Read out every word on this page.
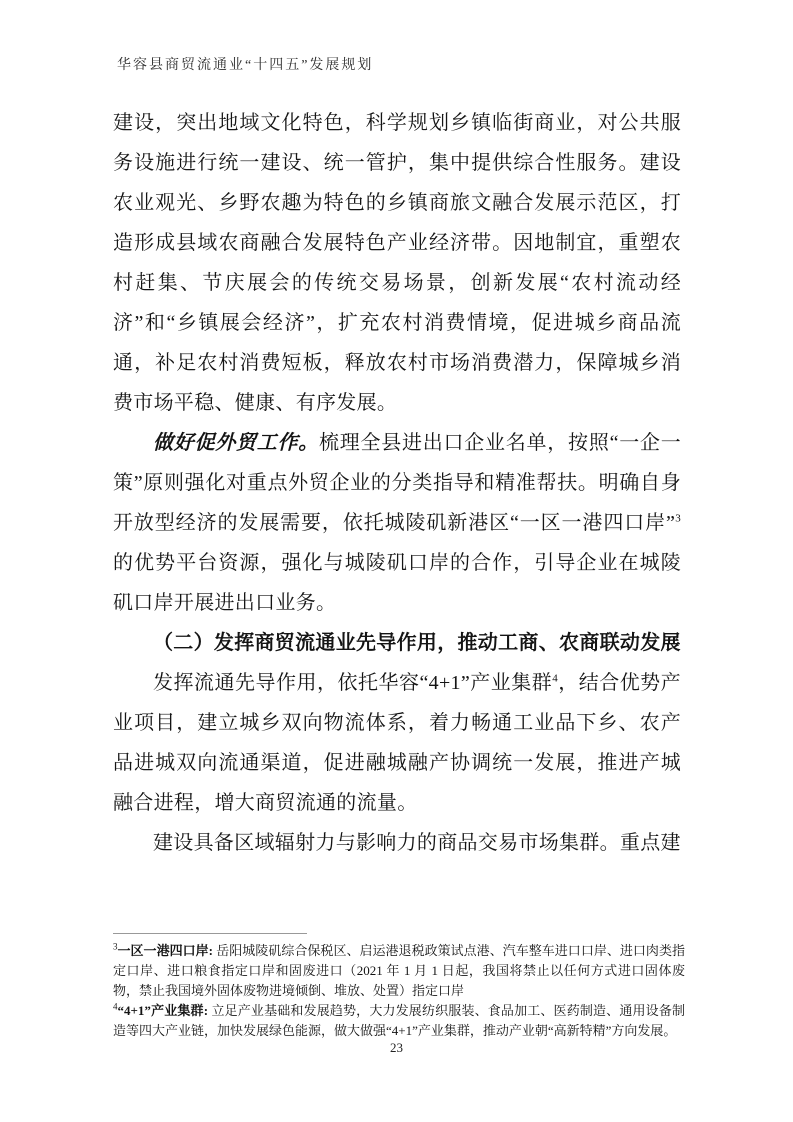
华容县商贸流通业“十四五”发展规划

建设，突出地域文化特色，科学规划乡镇临街商业，对公共服务设施进行统一建设、统一管护，集中提供综合性服务。建设农业观光、乡野农趣为特色的乡镇商旅文融合发展示范区，打造形成县域农商融合发展特色产业经济带。因地制宜，重塑农村赶集、节庆展会的传统交易场景，创新发展“农村流动经济”和“乡镇展会经济”，扩充农村消费情境，促进城乡商品流通，补足农村消费短板，释放农村市场消费潜力，保障城乡消费市场平稳、健康、有序发展。

做好促外贸工作。梳理全县进出口企业名单，按照“一企一策”原则强化对重点外贸企业的分类指导和精准帮扶。明确自身开放型经济的发展需要，依托城陵矶新港区“一区一港四口岸”$^3$的优势平台资源，强化与城陵矶口岸的合作，引导企业在城陵矶口岸开展进出口业务。

（二）发挥商贸流通业先导作用，推动工商、农商联动发展

发挥流通先导作用，依托华容“4+1”产业集群$^4$，结合优势产业项目，建立城乡双向物流体系，着力畅通工业品下乡、农产品进城双向流通渠道，促进融城融产协调统一发展，推进产城融合进程，增大商贸流通的流量。

建设具备区域辐射力与影响力的商品交易市场集群。重点建

$^3$一区一港四口岸: 岳阳城陵矶综合保税区、启运港退税政策试点港、汽车整车进口口岸、进口肉类指定口岸、进口粮食指定口岸和固废进口（2021 年 1 月 1 日起，我国将禁止以任何方式进口固体废物，禁止我国境外固体废物进境倾倒、堆放、处置）指定口岸
$^4$“4+1”产业集群: 立足产业基础和发展趋势，大力发展纺织服装、食品加工、医药制造、通用设备制造等四大产业链，加快发展绿色能源，做大做强“4+1”产业集群，推动产业朝“高新特精”方向发展。
23
